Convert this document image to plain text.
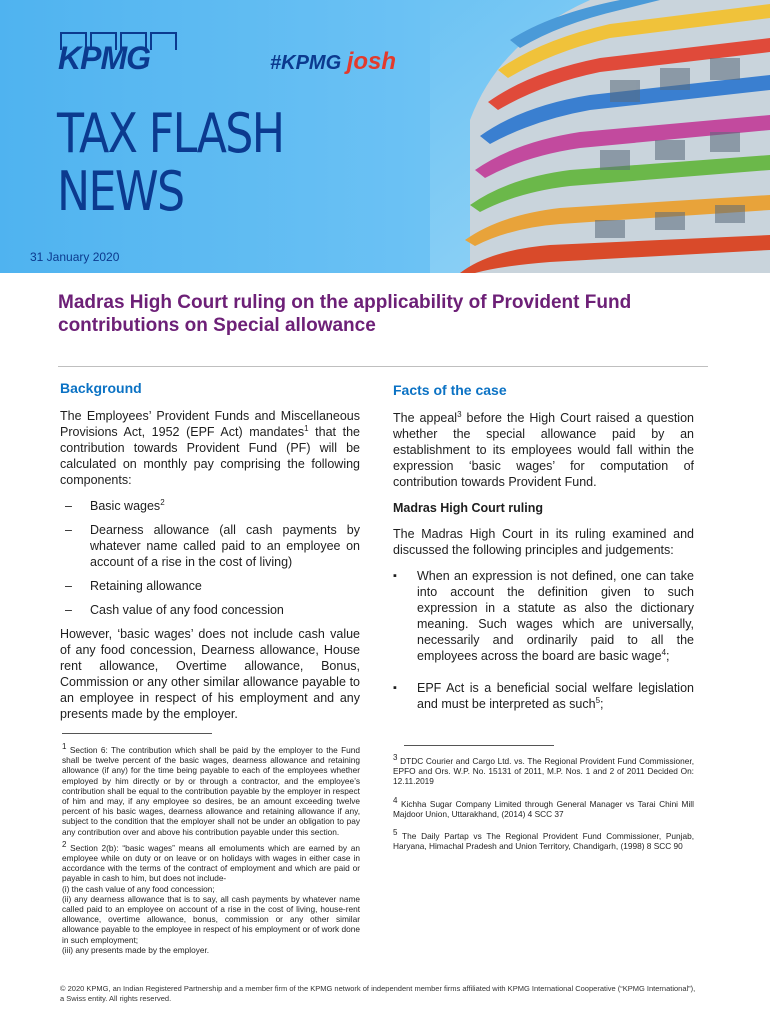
KPMG	#KPMG josh
TAX FLASH
NEWS
31 January 2020
Madras High Court ruling on the applicability of Provident Fund contributions on Special allowance
Background

The Employees’ Provident Funds and Miscellaneous Provisions Act, 1952 (EPF Act) mandates$^1$ that the contribution towards Provident Fund (PF) will be calculated on monthly pay comprising the following components:

– Basic wages$^2$
– Dearness allowance (all cash payments by whatever name called paid to an employee on account of a rise in the cost of living)
– Retaining allowance
– Cash value of any food concession

However, ‘basic wages’ does not include cash value of any food concession, Dearness allowance, House rent allowance, Overtime allowance, Bonus, Commission or any other similar allowance payable to an employee in respect of his employment and any presents made by the employer.

Facts of the case

The appeal$^3$ before the High Court raised a question whether the special allowance paid by an establishment to its employees would fall within the expression ‘basic wages’ for computation of contribution towards Provident Fund.

Madras High Court ruling

The Madras High Court in its ruling examined and discussed the following principles and judgements:

▪ When an expression is not defined, one can take into account the definition given to such expression in a statute as also the dictionary meaning. Such wages which are universally, necessarily and ordinarily paid to all the employees across the board are basic wage$^4$;
▪ EPF Act is a beneficial social welfare legislation and must be interpreted as such$^5$;

$^1$ Section 6: The contribution which shall be paid by the employer to the Fund shall be twelve percent of the basic wages, dearness allowance and retaining allowance (if any) for the time being payable to each of the employees whether employed by him directly or by or through a contractor, and the employee’s contribution shall be equal to the contribution payable by the employer in respect of him and may, if any employee so desires, be an amount exceeding twelve percent of his basic wages, dearness allowance and retaining allowance if any, subject to the condition that the employer shall not be under an obligation to pay any contribution over and above his contribution payable under this section.

$^2$ Section 2(b): “basic wages” means all emoluments which are earned by an employee while on duty or on leave or on holidays with wages in either case in accordance with the terms of the contract of employment and which are paid or payable in cash to him, but does not include-

(i) the cash value of any food concession;
(ii) any dearness allowance that is to say, all cash payments by whatever name called paid to an employee on account of a rise in the cost of living, house-rent allowance, overtime allowance, bonus, commission or any other similar allowance payable to the employee in respect of his employment or of work done in such employment;
(iii) any presents made by the employer.

$^3$ DTDC Courier and Cargo Ltd. vs. The Regional Provident Fund Commissioner, EPFO and Ors. W.P. No. 15131 of 2011, M.P. Nos. 1 and 2 of 2011 Decided On: 12.11.2019

$^4$ Kichha Sugar Company Limited through General Manager vs Tarai Chini Mill Majdoor Union, Uttarakhand, (2014) 4 SCC 37

$^5$ The Daily Partap vs The Regional Provident Fund Commissioner, Punjab, Haryana, Himachal Pradesh and Union Territory, Chandigarh, (1998) 8 SCC 90

© 2020 KPMG, an Indian Registered Partnership and a member firm of the KPMG network of independent member firms affiliated with KPMG International Cooperative (“KPMG International”), a Swiss entity. All rights reserved.
